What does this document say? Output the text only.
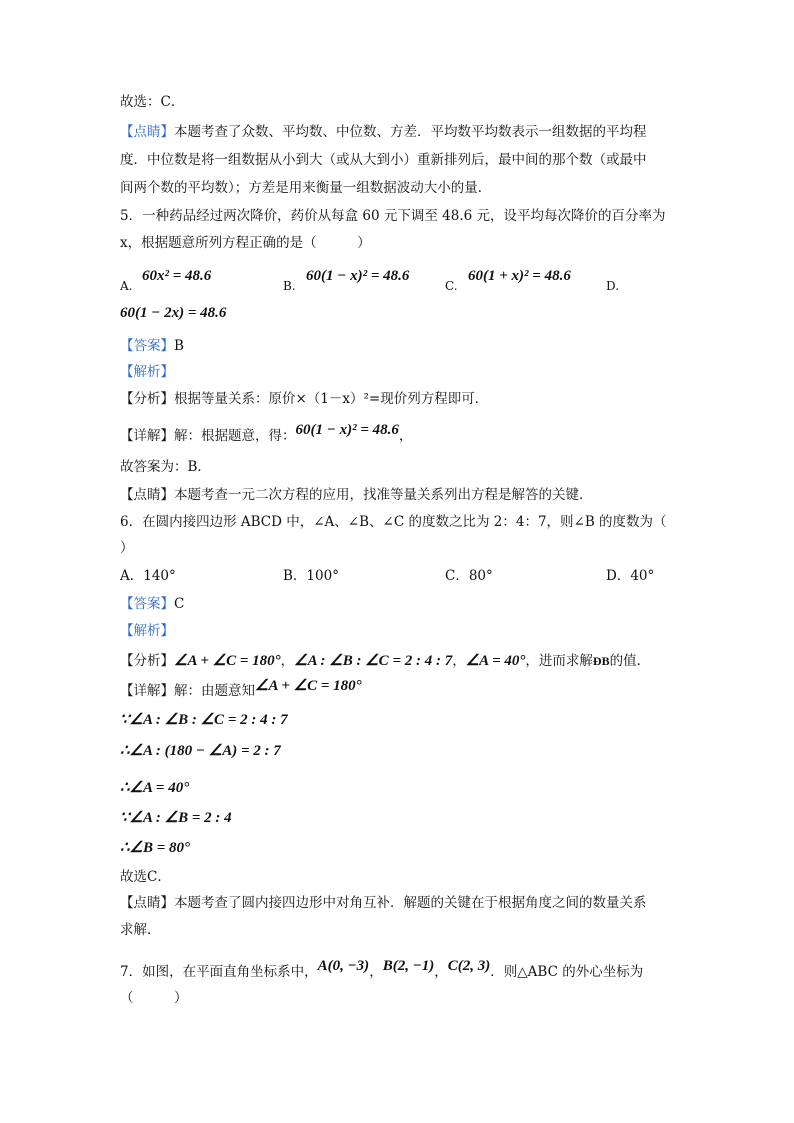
故选：C．
【点睛】本题考查了众数、平均数、中位数、方差．平均数平均数表示一组数据的平均程
度．中位数是将一组数据从小到大（或从大到小）重新排列后，最中间的那个数（或最中
间两个数的平均数）；方差是用来衡量一组数据波动大小的量．
5．一种药品经过两次降价，药价从每盒 60 元下调至 48.6 元，设平均每次降价的百分率为
x，根据题意所列方程正确的是（　　　）
A.
60x² = 48.6
B.
60(1 − x)² = 48.6
C.
60(1 + x)² = 48.6
D.
60(1 − 2x) = 48.6
【答案】B
【解析】
【分析】根据等量关系：原价×（1－x）²=现价列方程即可．
【详解】解：根据题意，得：60(1 − x)² = 48.6，
故答案为：B．
【点睛】本题考查一元二次方程的应用，找准等量关系列出方程是解答的关键．
6．在圆内接四边形 ABCD 中，∠A、∠B、∠C 的度数之比为 2：4：7，则∠B 的度数为（
）
A．140°	B．100°	C．80°	D．40°
【答案】C
【解析】
【分析】∠A + ∠C = 180°，∠A : ∠B : ∠C = 2 : 4 : 7，∠A = 40°，进而求解ÐB的值．
【详解】解：由题意知∠A + ∠C = 180°
∵∠A : ∠B : ∠C = 2 : 4 : 7
∴∠A : (180 − ∠A) = 2 : 7
∴∠A = 40°
∵∠A : ∠B = 2 : 4
∴∠B = 80°
故选C．
【点睛】本题考查了圆内接四边形中对角互补．解题的关键在于根据角度之间的数量关系
求解．
7．如图，在平面直角坐标系中，A(0, −3)，B(2, −1)，C(2, 3)．则△ABC 的外心坐标为
（　　　）
